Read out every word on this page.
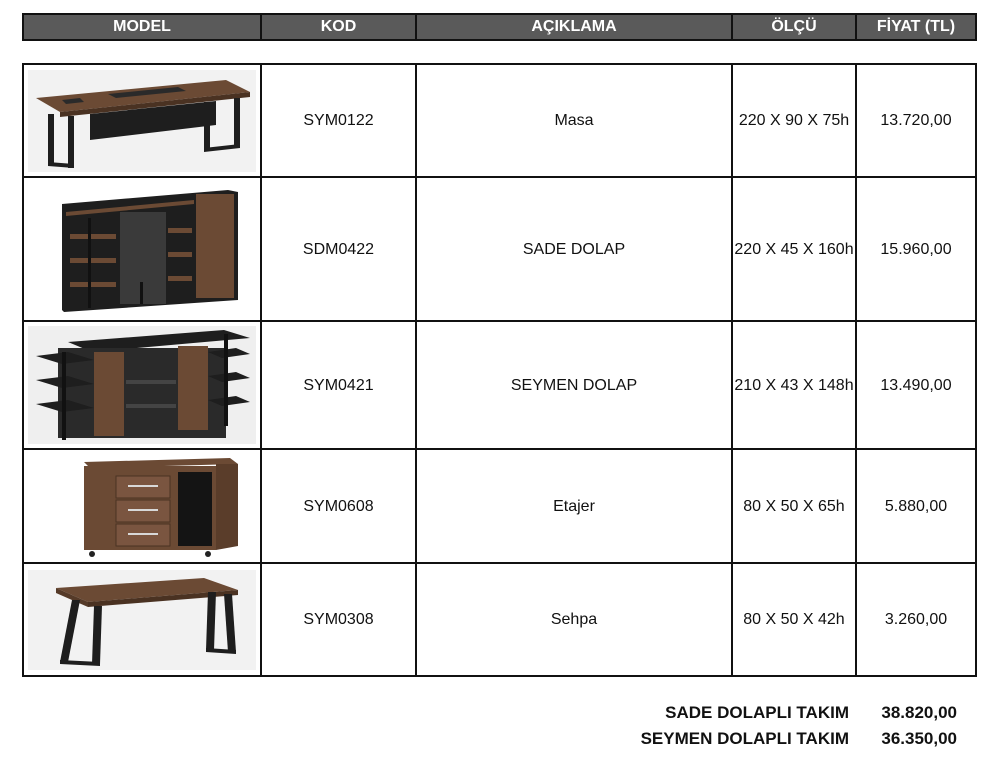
MODEL	KOD	AÇIKLAMA	ÖLÇÜ	FİYAT (TL)
SYM0122	Masa	220 X 90 X 75h	13.720,00
SDM0422	SADE DOLAP	220 X 45 X 160h	15.960,00
SYM0421	SEYMEN DOLAP	210 X 43 X 148h	13.490,00
SYM0608	Etajer	80 X 50 X 65h	5.880,00
SYM0308	Sehpa	80 X 50 X 42h	3.260,00
SADE DOLAPLI TAKIM	38.820,00
SEYMEN DOLAPLI TAKIM	36.350,00
